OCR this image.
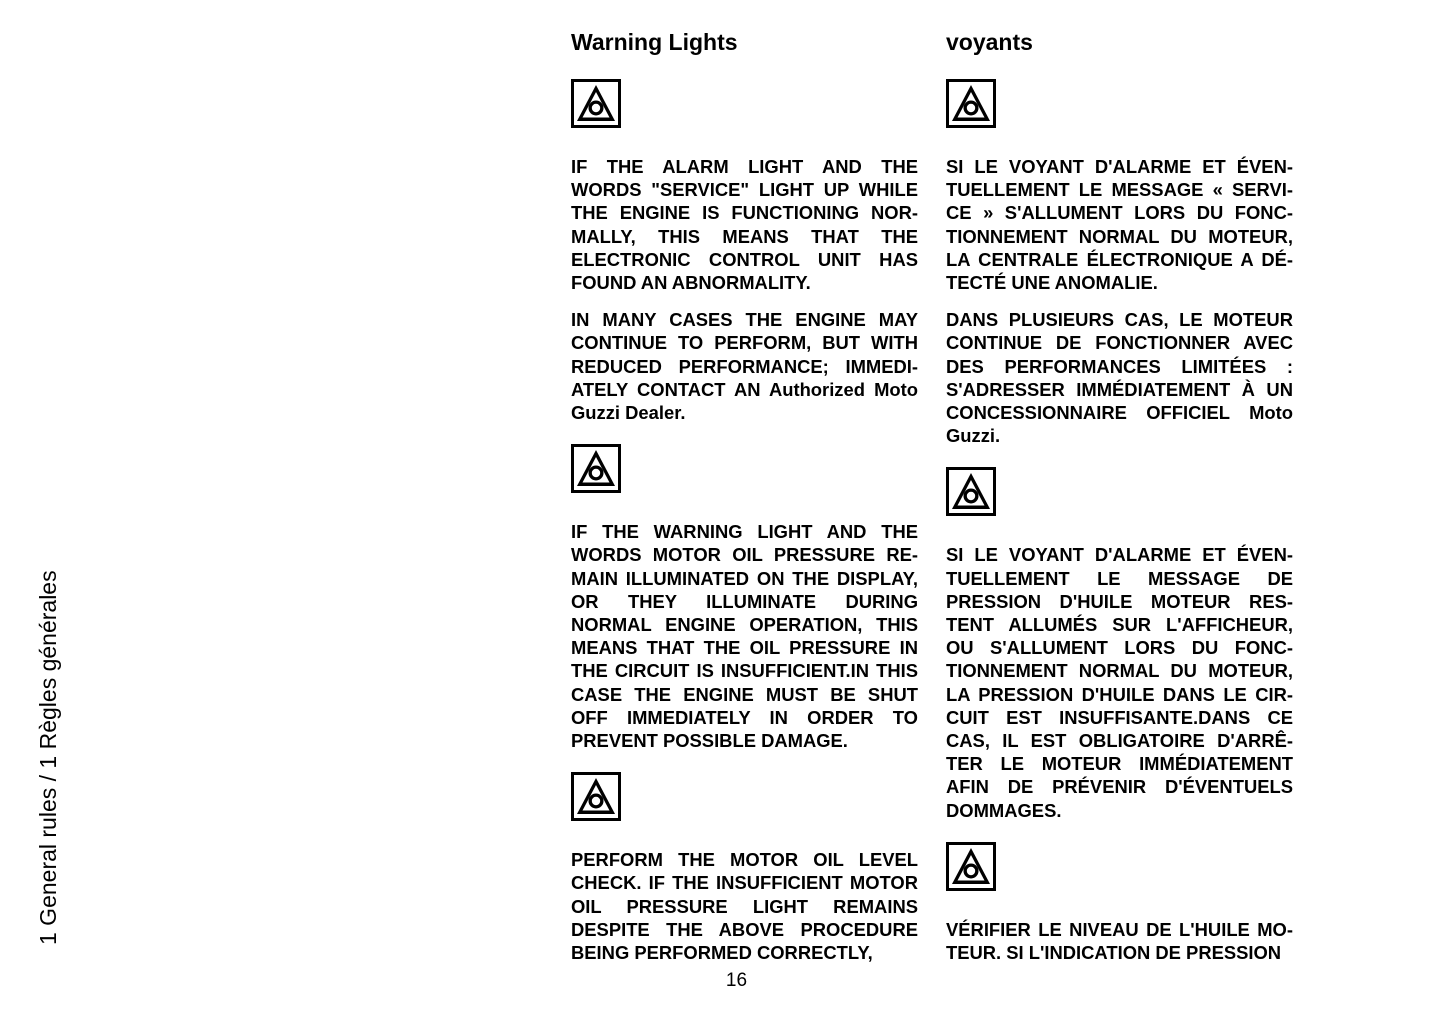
1 General rules / 1 Règles générales
Warning Lights

IF THE ALARM LIGHT AND THE WORDS "SERVICE" LIGHT UP WHILE THE ENGINE IS FUNCTIONING NORMALLY, THIS MEANS THAT THE ELECTRONIC CONTROL UNIT HAS FOUND AN ABNORMALITY.

IN MANY CASES THE ENGINE MAY CONTINUE TO PERFORM, BUT WITH REDUCED PERFORMANCE; IMMEDIATELY CONTACT AN Authorized Moto Guzzi Dealer.

IF THE WARNING LIGHT AND THE WORDS MOTOR OIL PRESSURE REMAIN ILLUMINATED ON THE DISPLAY, OR THEY ILLUMINATE DURING NORMAL ENGINE OPERATION, THIS MEANS THAT THE OIL PRESSURE IN THE CIRCUIT IS INSUFFICIENT.IN THIS CASE THE ENGINE MUST BE SHUT OFF IMMEDIATELY IN ORDER TO PREVENT POSSIBLE DAMAGE.

PERFORM THE MOTOR OIL LEVEL CHECK. IF THE INSUFFICIENT MOTOR OIL PRESSURE LIGHT REMAINS DESPITE THE ABOVE PROCEDURE BEING PERFORMED CORRECTLY,

voyants

SI LE VOYANT D'ALARME ET ÉVENTUELLEMENT LE MESSAGE « SERVICE » S'ALLUMENT LORS DU FONCTIONNEMENT NORMAL DU MOTEUR, LA CENTRALE ÉLECTRONIQUE A DÉTECTÉ UNE ANOMALIE.

DANS PLUSIEURS CAS, LE MOTEUR CONTINUE DE FONCTIONNER AVEC DES PERFORMANCES LIMITÉES : S'ADRESSER IMMÉDIATEMENT À UN CONCESSIONNAIRE OFFICIEL Moto Guzzi.

SI LE VOYANT D'ALARME ET ÉVENTUELLEMENT LE MESSAGE DE PRESSION D'HUILE MOTEUR RESTENT ALLUMÉS SUR L'AFFICHEUR, OU S'ALLUMENT LORS DU FONCTIONNEMENT NORMAL DU MOTEUR, LA PRESSION D'HUILE DANS LE CIRCUIT EST INSUFFISANTE.DANS CE CAS, IL EST OBLIGATOIRE D'ARRÊTER LE MOTEUR IMMÉDIATEMENT AFIN DE PRÉVENIR D'ÉVENTUELS DOMMAGES.

VÉRIFIER LE NIVEAU DE L'HUILE MOTEUR. SI L'INDICATION DE PRESSION

16
